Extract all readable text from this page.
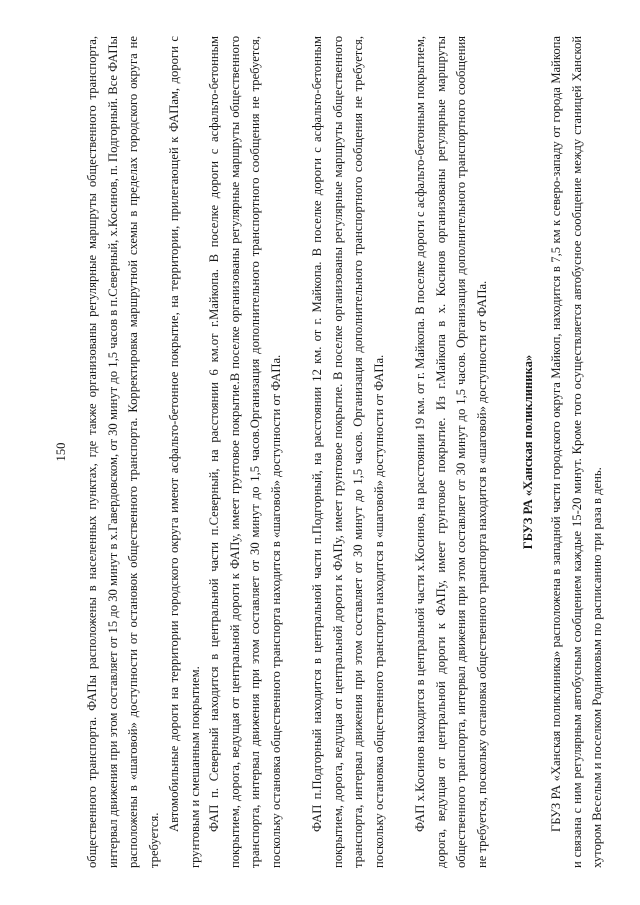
150 общественного транспорта. ФАПы расположены в населенных пунктах, где также организованы регулярные маршруты общественного транспорта, интервал движения при этом составляет от 15 до 30 минут в х.Гавердовском, от 30 минут до 1,5 часов в п.Северный, х.Косинов, п. Подгорный. Все ФАПы расположены в «шаговой» доступности от остановок общественного транспорта. Корректировка маршрутной схемы в пределах городского округа не требуется.

Автомобильные дороги на территории городского округа имеют асфальто-бетонное покрытие, на территории, прилегающей к ФАПам, дороги с грунтовым и смешанным покрытием. ФАП п. Северный находится в центральной части п.Северный, на расстоянии 6 км.от г.Майкопа. В поселке дороги с асфальто-бетонным покрытием, дорога, ведущая от центральной дороги к ФАПу, имеет грунтовое покрытие.В поселке организованы регулярные маршруты общественного транспорта, интервал движения при этом составляет от 30 минут до 1,5 часов.Организация дополнительного транспортного сообщения не требуется, поскольку остановка общественного транспорта находится в «шаговой» доступности от ФАПа. ФАП п.Подгорный находится в центральной части п.Подгорный, на расстоянии 12 км. от г. Майкопа. В поселке дороги с асфальто-бетонным покрытием, дорога, ведущая от центральной дороги к ФАПу, имеет грунтовое покрытие. В поселке организованы регулярные маршруты общественного транспорта, интервал движения при этом составляет от 30 минут до 1,5 часов. Организация дополнительного транспортного сообщения не требуется, поскольку остановка общественного транспорта находится в «шаговой» доступности от ФАПа. ФАП х.Косинов находится в центральной части х.Косинов, на расстоянии 19 км. от г. Майкопа. В поселке дороги с асфальто-бетонным покрытием, дорога, ведущая от центральной дороги к ФАПу, имеет грунтовое покрытие. Из г.Майкопа в х. Косинов организованы регулярные маршруты общественного транспорта, интервал движения при этом составляет от 30 минут до 1,5 часов. Организация дополнительного транспортного сообщения не требуется, поскольку остановка общественного транспорта находится в «шаговой» доступности от ФАПа.	ГБУЗ РА «Ханская поликлиника» ГБУЗ РА «Ханская поликлиника» расположена в западной части городского округа Майкоп, находится в 7,5 км к северо-западу от города Майкопа и связана с ним регулярным автобусным сообщением каждые 15-20 минут. Кроме того осуществляется автобусное сообщение между станицей Ханской хутором Веселым и поселком Родниковым по расписанию три раза в день.
